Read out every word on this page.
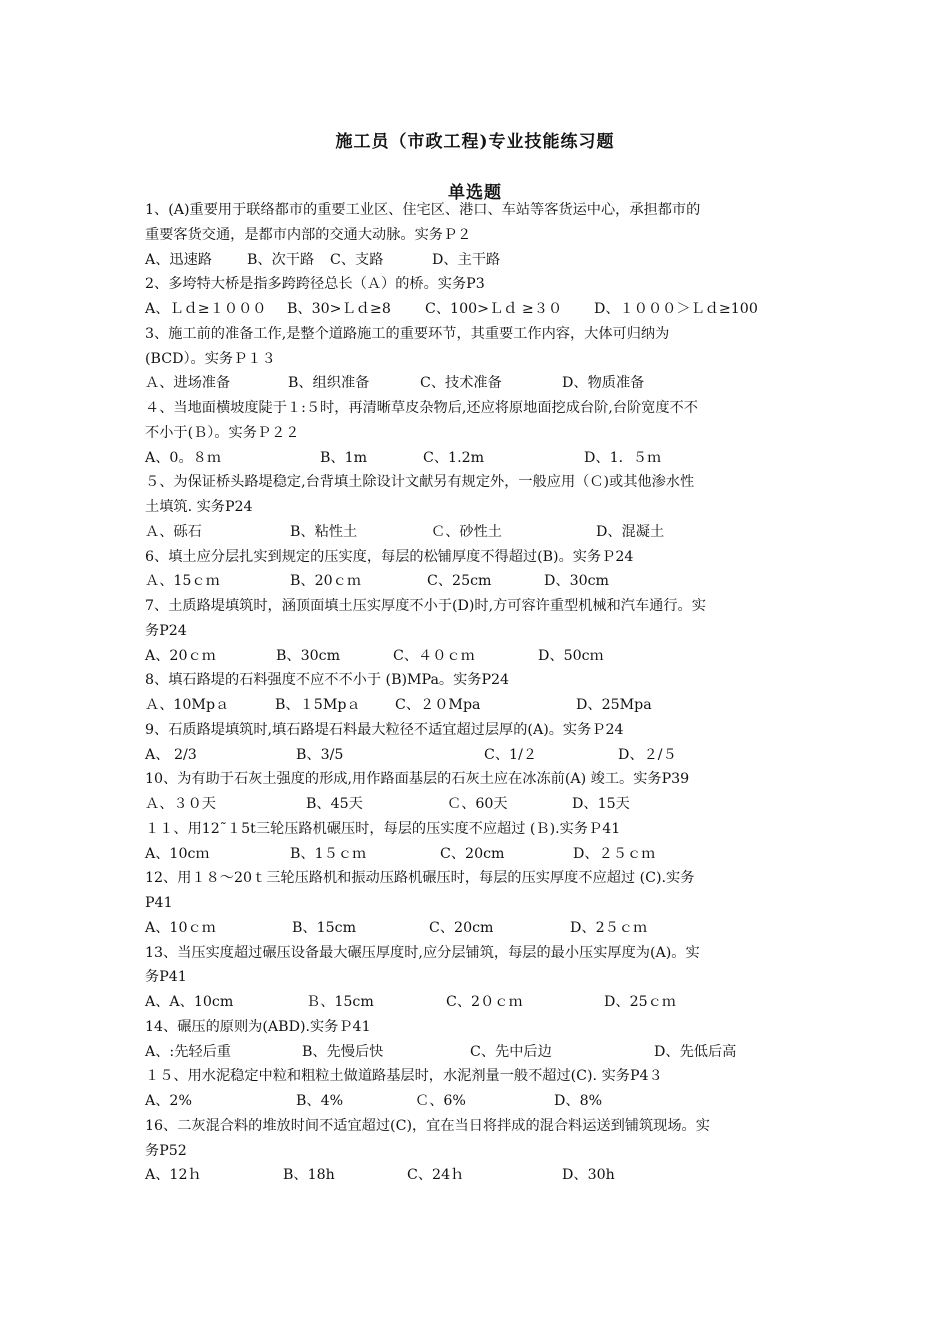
施工员（市政工程)专业技能练习题
单选题
1、(A)重要用于联络都市的重要工业区、住宅区、港口、车站等客货运中心，承担都市的
重要客货交通，是都市内部的交通大动脉。实务Ｐ２
A、迅速路 B、次干路 C、支路	D、主干路
2、多垮特大桥是指多跨跨径总长（Ａ）的桥。实务P3
A、Ｌｄ≥１０００ B、30>Ｌｄ≥8 C、100>Ｌｄ ≥３０ D、１０００＞Ｌｄ≥100
3、施工前的准备工作,是整个道路施工的重要环节，其重要工作内容，大体可归纳为
(BCD）。实务Ｐ１３
Ａ、进场准备	B、组织准备	C、技术准备	D、物质准备
４、当地面横坡度陡于１:５时，再清晰草皮杂物后,还应将原地面挖成台阶,台阶宽度不不
不小于(Ｂ）。实务Ｐ２２
A、0。８ｍ	B、1m	C、1.2m	D、1．５ｍ
５、为保证桥头路堤稳定,台背填土除设计文献另有规定外，一般应用（Ｃ)或其他渗水性
土填筑. 实务P24
Ａ、砾石	B、粘性土	Ｃ、砂性土	D、混凝土
6、填土应分层扎实到规定的压实度，每层的松铺厚度不得超过(B)。实务Ｐ24
Ａ、15ｃｍ	B、20ｃｍ	C、25cm	D、30cm
7、土质路堤填筑时，涵顶面填土压实厚度不小于(D)时,方可容许重型机械和汽车通行。实
务P24
A、20ｃｍ	B、30cm	C、４０ｃｍ	D、50cｍ
8、填石路堤的石料强度不应不不小于 (B)MPa。实务P24
Ａ、10Mpａ	B、１5Mpａ C、２０Mpa	D、25Mpa
9、石质路堤填筑时,填石路堤石料最大粒径不适宜超过层厚的(A)。实务Ｐ24
A、 2/3	B、3/5	C、1/２	D、２/５
10、为有助于石灰土强度的形成,用作路面基层的石灰土应在冰冻前(A) 竣工。实务P39
Ａ、３０天	B、45天	Ｃ、60天	D、15天
１１、用12˜１5t三轮压路机碾压时，每层的压实度不应超过 (Ｂ).实务Ｐ41
A、10cｍ	B、1５ｃｍ	C、20cm	D、２５ｃｍ
12、用１８～20ｔ三轮压路机和振动压路机碾压时，每层的压实厚度不应超过 (C).实务
P41
A、10ｃｍ	B、15cm	C、20cm	D、2５ｃｍ
13、当压实度超过碾压设备最大碾压厚度时,应分层铺筑，每层的最小压实厚度为(A)。实
务P41
A、A、10cm	Ｂ、15cm	C、2０ｃｍ	D、25ｃｍ
14、碾压的原则为(ABD).实务Ｐ41
A、:先轻后重	B、先慢后快	C、先中后边	D、先低后高
１５、用水泥稳定中粒和粗粒土做道路基层时，水泥剂量一般不超过(C). 实务P4３
A、2%	B、4%	Ｃ、6%	D、8%
16、二灰混合料的堆放时间不适宜超过(C)，宜在当日将拌成的混合料运送到铺筑现场。实
务P52
A、12ｈ	B、18h	C、24ｈ	D、30h
